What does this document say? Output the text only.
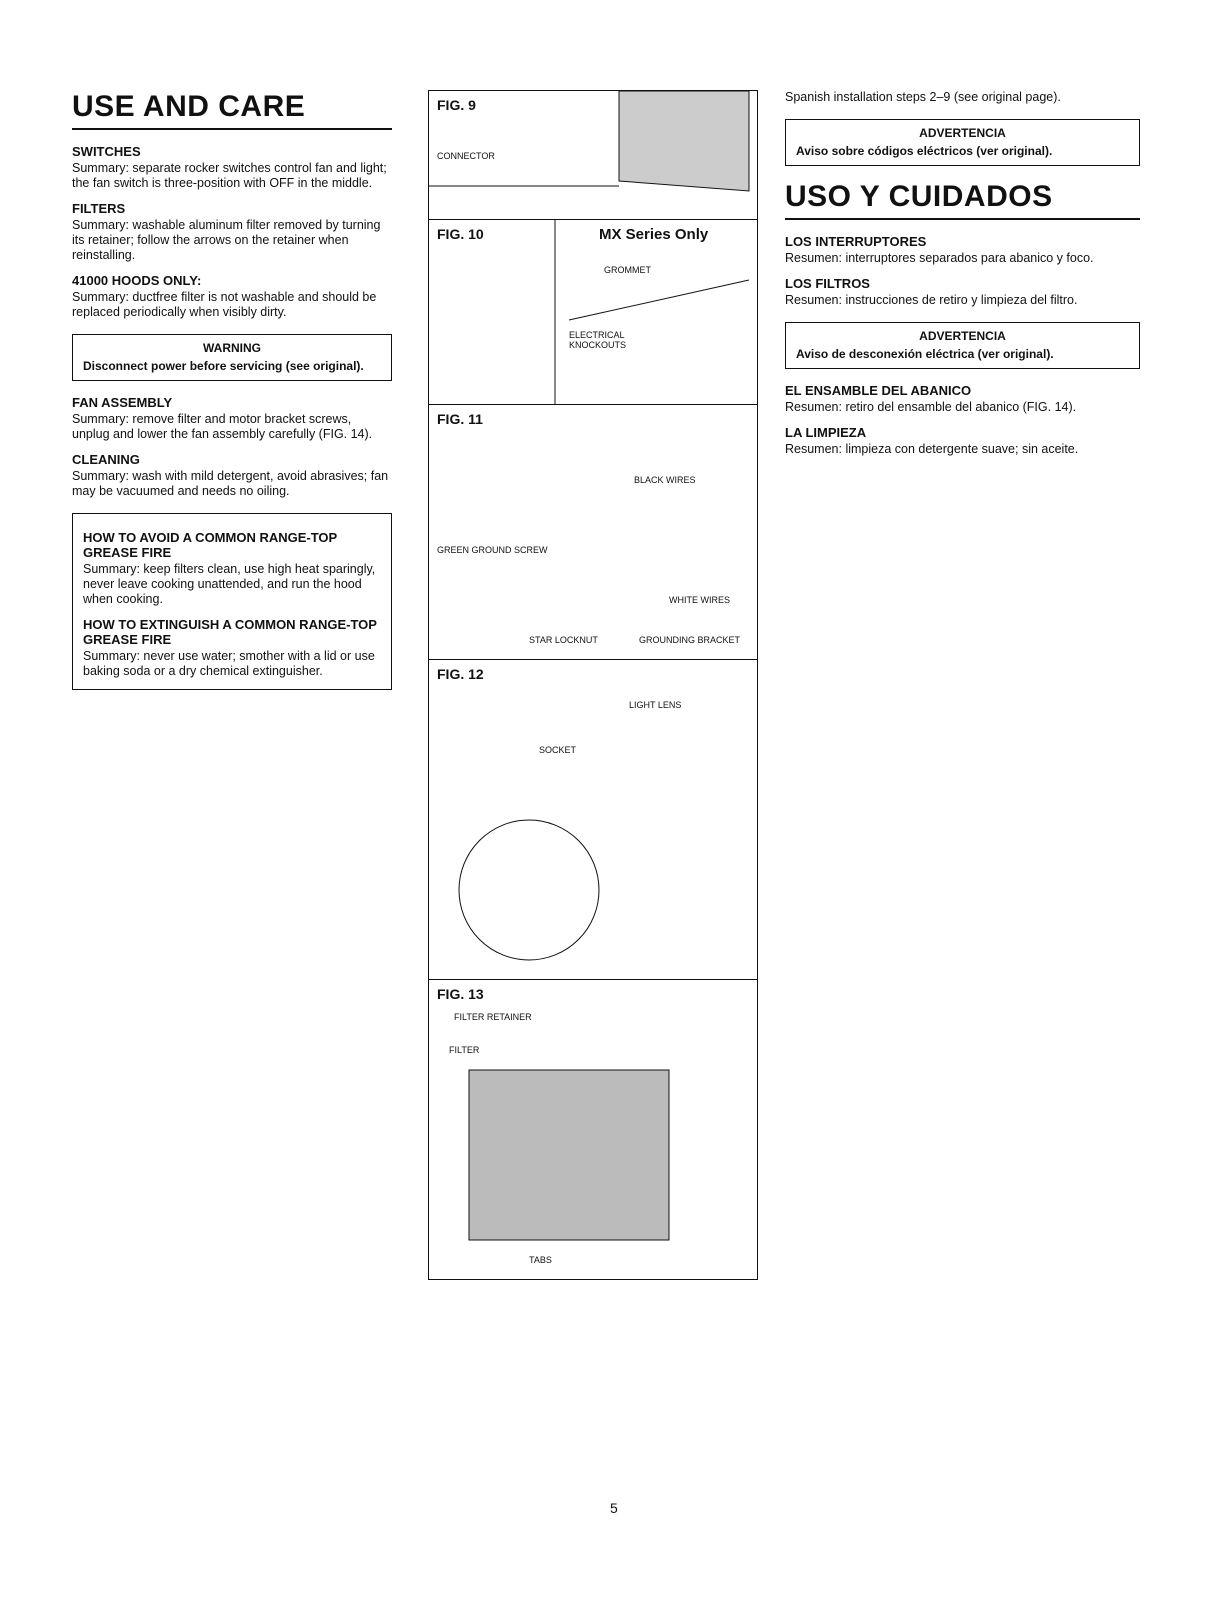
USE AND CARE
SWITCHES

Summary: separate rocker switches control fan and light; the fan switch is three-position with OFF in the middle.

FILTERS

Summary: washable aluminum filter removed by turning its retainer; follow the arrows on the retainer when reinstalling.

41000 HOODS ONLY:

Summary: ductfree filter is not washable and should be replaced periodically when visibly dirty.

WARNING
Disconnect power before servicing (see original).
FAN ASSEMBLY

Summary: remove filter and motor bracket screws, unplug and lower the fan assembly carefully (FIG. 14).

CLEANING

Summary: wash with mild detergent, avoid abrasives; fan may be vacuumed and needs no oiling.

HOW TO AVOID A COMMON RANGE-TOP GREASE FIRE

Summary: keep filters clean, use high heat sparingly, never leave cooking unattended, and run the hood when cooking.

HOW TO EXTINGUISH A COMMON RANGE-TOP GREASE FIRE

Summary: never use water; smother with a lid or use baking soda or a dry chemical extinguisher.

FIG. 9
CONNECTOR
FIG. 10	MX Series Only
GROMMET
ELECTRICAL KNOCKOUTS
FIG. 11
BLACK WIRES
GREEN GROUND SCREW
WHITE WIRES
STAR LOCKNUT	GROUNDING BRACKET
FIG. 12
LIGHT LENS
SOCKET
FIG. 13
FILTER RETAINER
FILTER
TABS

Spanish installation steps 2–9 (see original page).

ADVERTENCIA
Aviso sobre códigos eléctricos (ver original).
USO Y CUIDADOS
LOS INTERRUPTORES

Resumen: interruptores separados para abanico y foco.

LOS FILTROS

Resumen: instrucciones de retiro y limpieza del filtro.

ADVERTENCIA
Aviso de desconexión eléctrica (ver original).
EL ENSAMBLE DEL ABANICO

Resumen: retiro del ensamble del abanico (FIG. 14).

LA LIMPIEZA

Resumen: limpieza con detergente suave; sin aceite.

5
